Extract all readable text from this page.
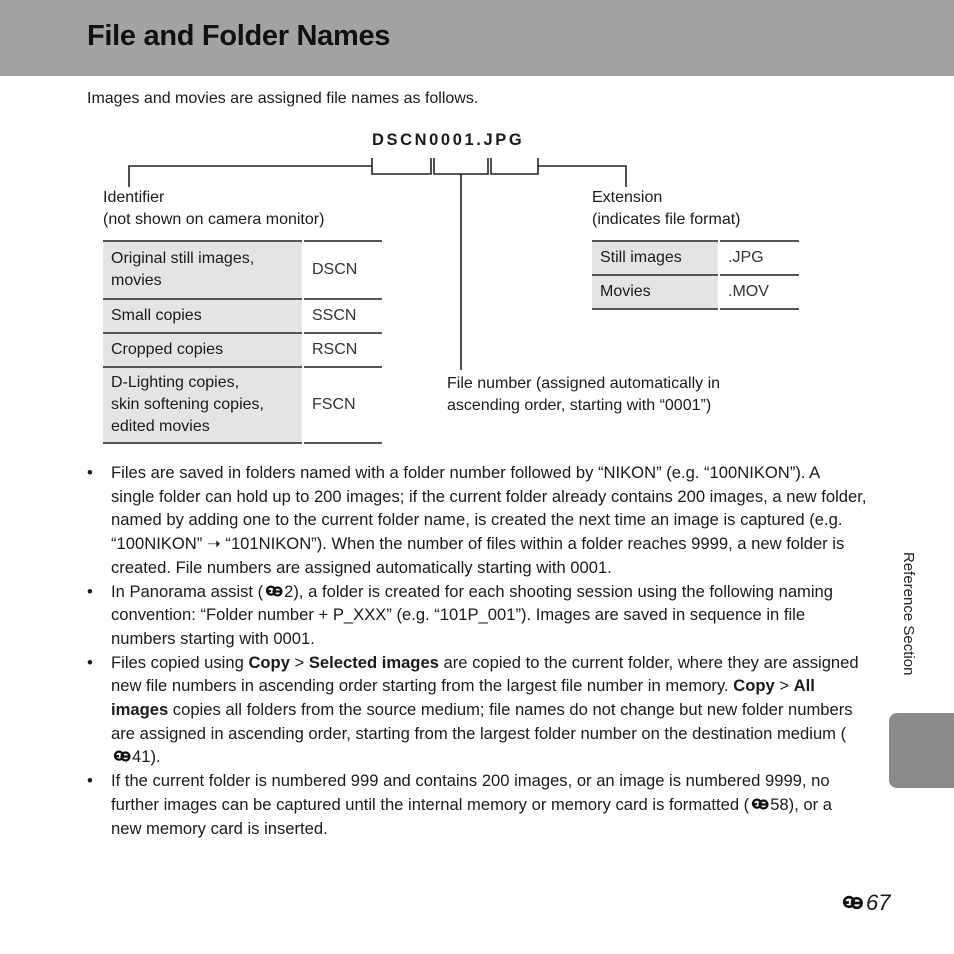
File and Folder Names
Images and movies are assigned file names as follows.
DSCN0001.JPG
Identifier
(not shown on camera monitor)
Extension
(indicates file format)
File number (assigned automatically in
ascending order, starting with “0001”)
Original still images,
movies	DSCN
Small copies	SSCN
Cropped copies	RSCN

D-Lighting copies,
skin softening copies,
edited movies	FSCN
Still images	.JPG
Movies	.MOV
• Files are saved in folders named with a folder number followed by “NIKON” (e.g. “100NIKON”). A single folder can hold up to 200 images; if the current folder already contains 200 images, a new folder, named by adding one to the current folder name, is created the next time an image is captured (e.g. “100NIKON” ➝ “101NIKON”). When the number of files within a folder reaches 9999, a new folder is created. File numbers are assigned automatically starting with 0001.
• In Panorama assist ( 2), a folder is created for each shooting session using the following naming convention: “Folder number + P_XXX” (e.g. “101P_001”). Images are saved in sequence in file numbers starting with 0001.
• Files copied using Copy > Selected images are copied to the current folder, where they are assigned new file numbers in ascending order starting from the largest file number in memory. Copy > All images copies all folders from the source medium; file names do not change but new folder numbers are assigned in ascending order, starting from the largest folder number on the destination medium (41).
• If the current folder is numbered 999 and contains 200 images, or an image is numbered 9999, no further images can be captured until the internal memory or memory card is formatted ( 58), or a new memory card is inserted.
Reference Section
67
